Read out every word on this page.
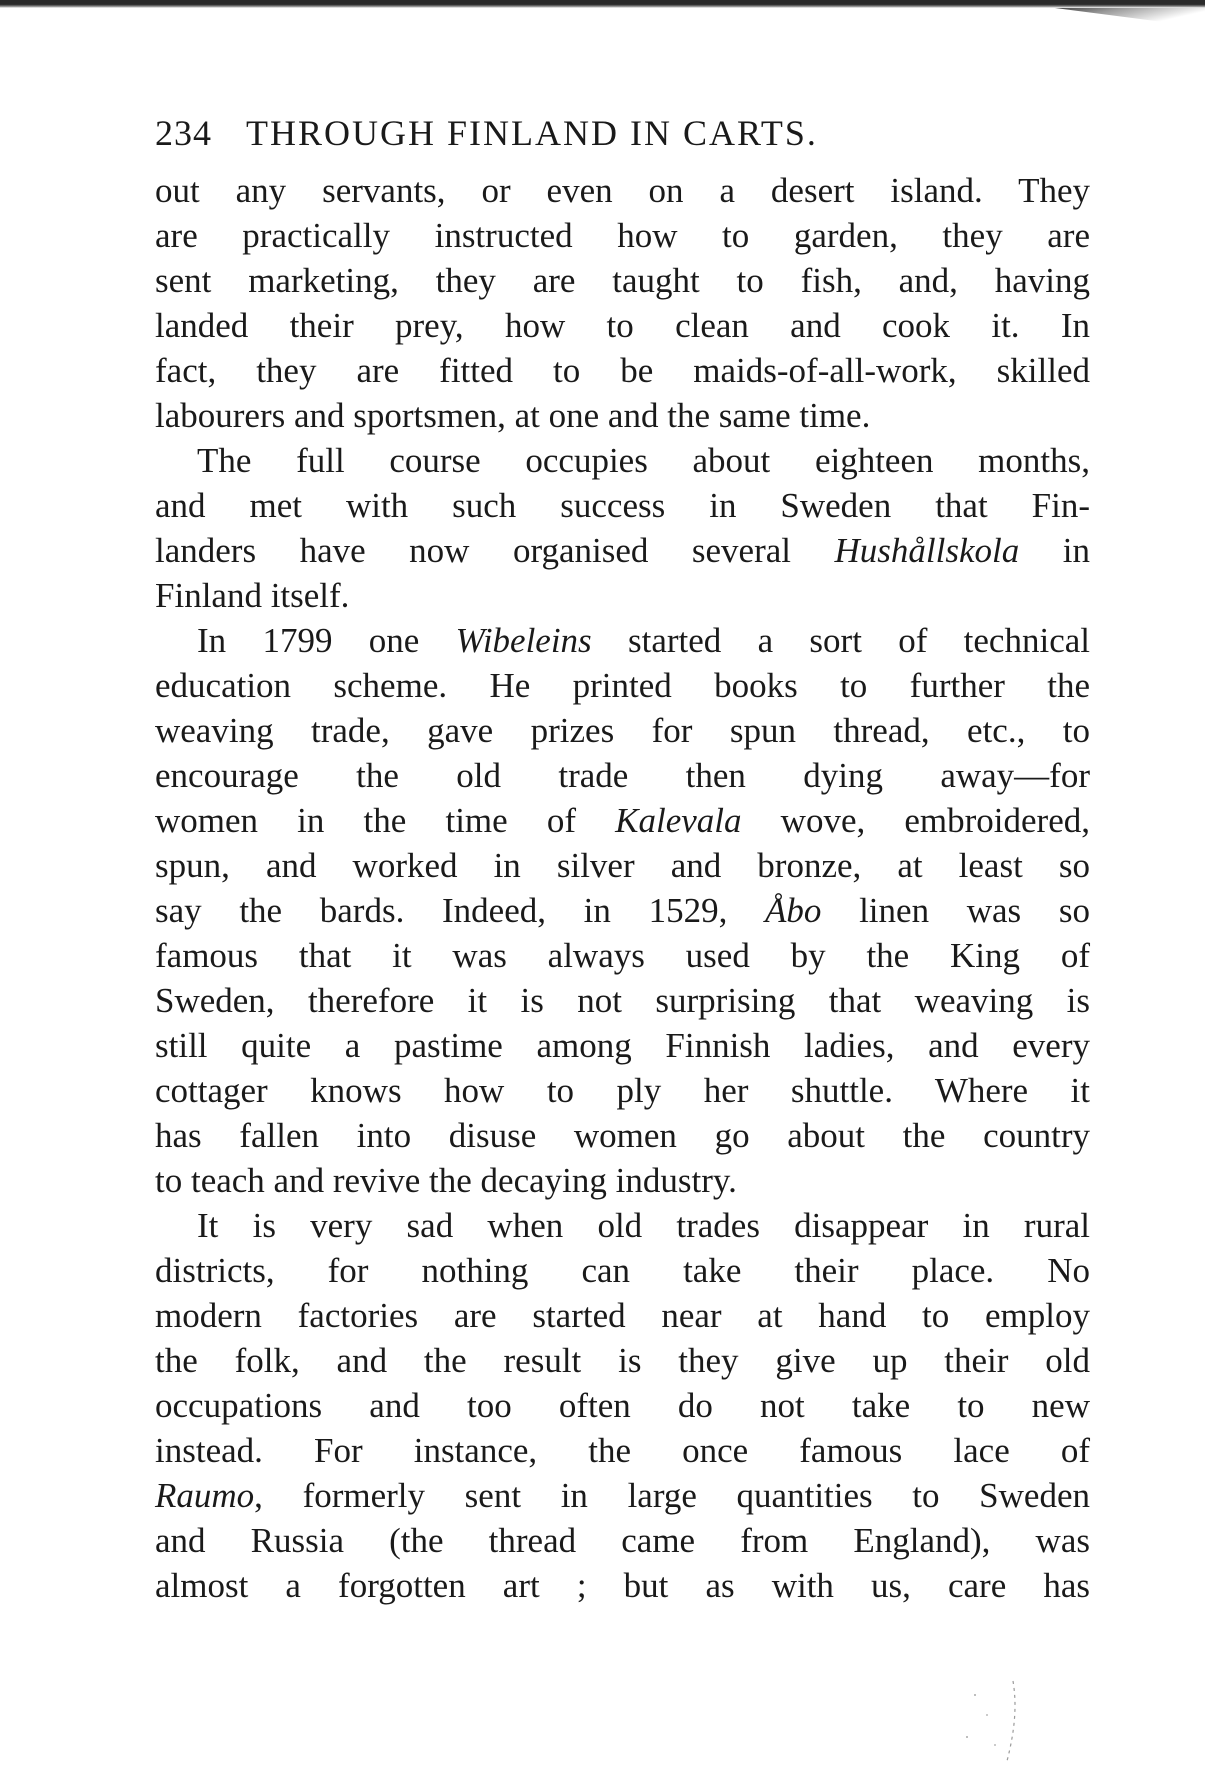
234 THROUGH FINLAND IN CARTS.
out any servants, or even on a desert island. They
are practically instructed how to garden, they are
sent marketing, they are taught to fish, and, having
landed their prey, how to clean and cook it. In
fact, they are fitted to be maids-of-all-work, skilled
labourers and sportsmen, at one and the same time.
The full course occupies about eighteen months,
and met with such success in Sweden that Fin-
landers have now organised several Hushållskola in
Finland itself.
In 1799 one Wibeleins started a sort of technical
education scheme. He printed books to further the
weaving trade, gave prizes for spun thread, etc., to
encourage the old trade then dying away—for
women in the time of Kalevala wove, embroidered,
spun, and worked in silver and bronze, at least so
say the bards. Indeed, in 1529, Åbo linen was so
famous that it was always used by the King of
Sweden, therefore it is not surprising that weaving is
still quite a pastime among Finnish ladies, and every
cottager knows how to ply her shuttle. Where it
has fallen into disuse women go about the country
to teach and revive the decaying industry.
It is very sad when old trades disappear in rural
districts, for nothing can take their place. No
modern factories are started near at hand to employ
the folk, and the result is they give up their old
occupations and too often do not take to new
instead. For instance, the once famous lace of
Raumo, formerly sent in large quantities to Sweden
and Russia (the thread came from England), was
almost a forgotten art ; but as with us, care has
